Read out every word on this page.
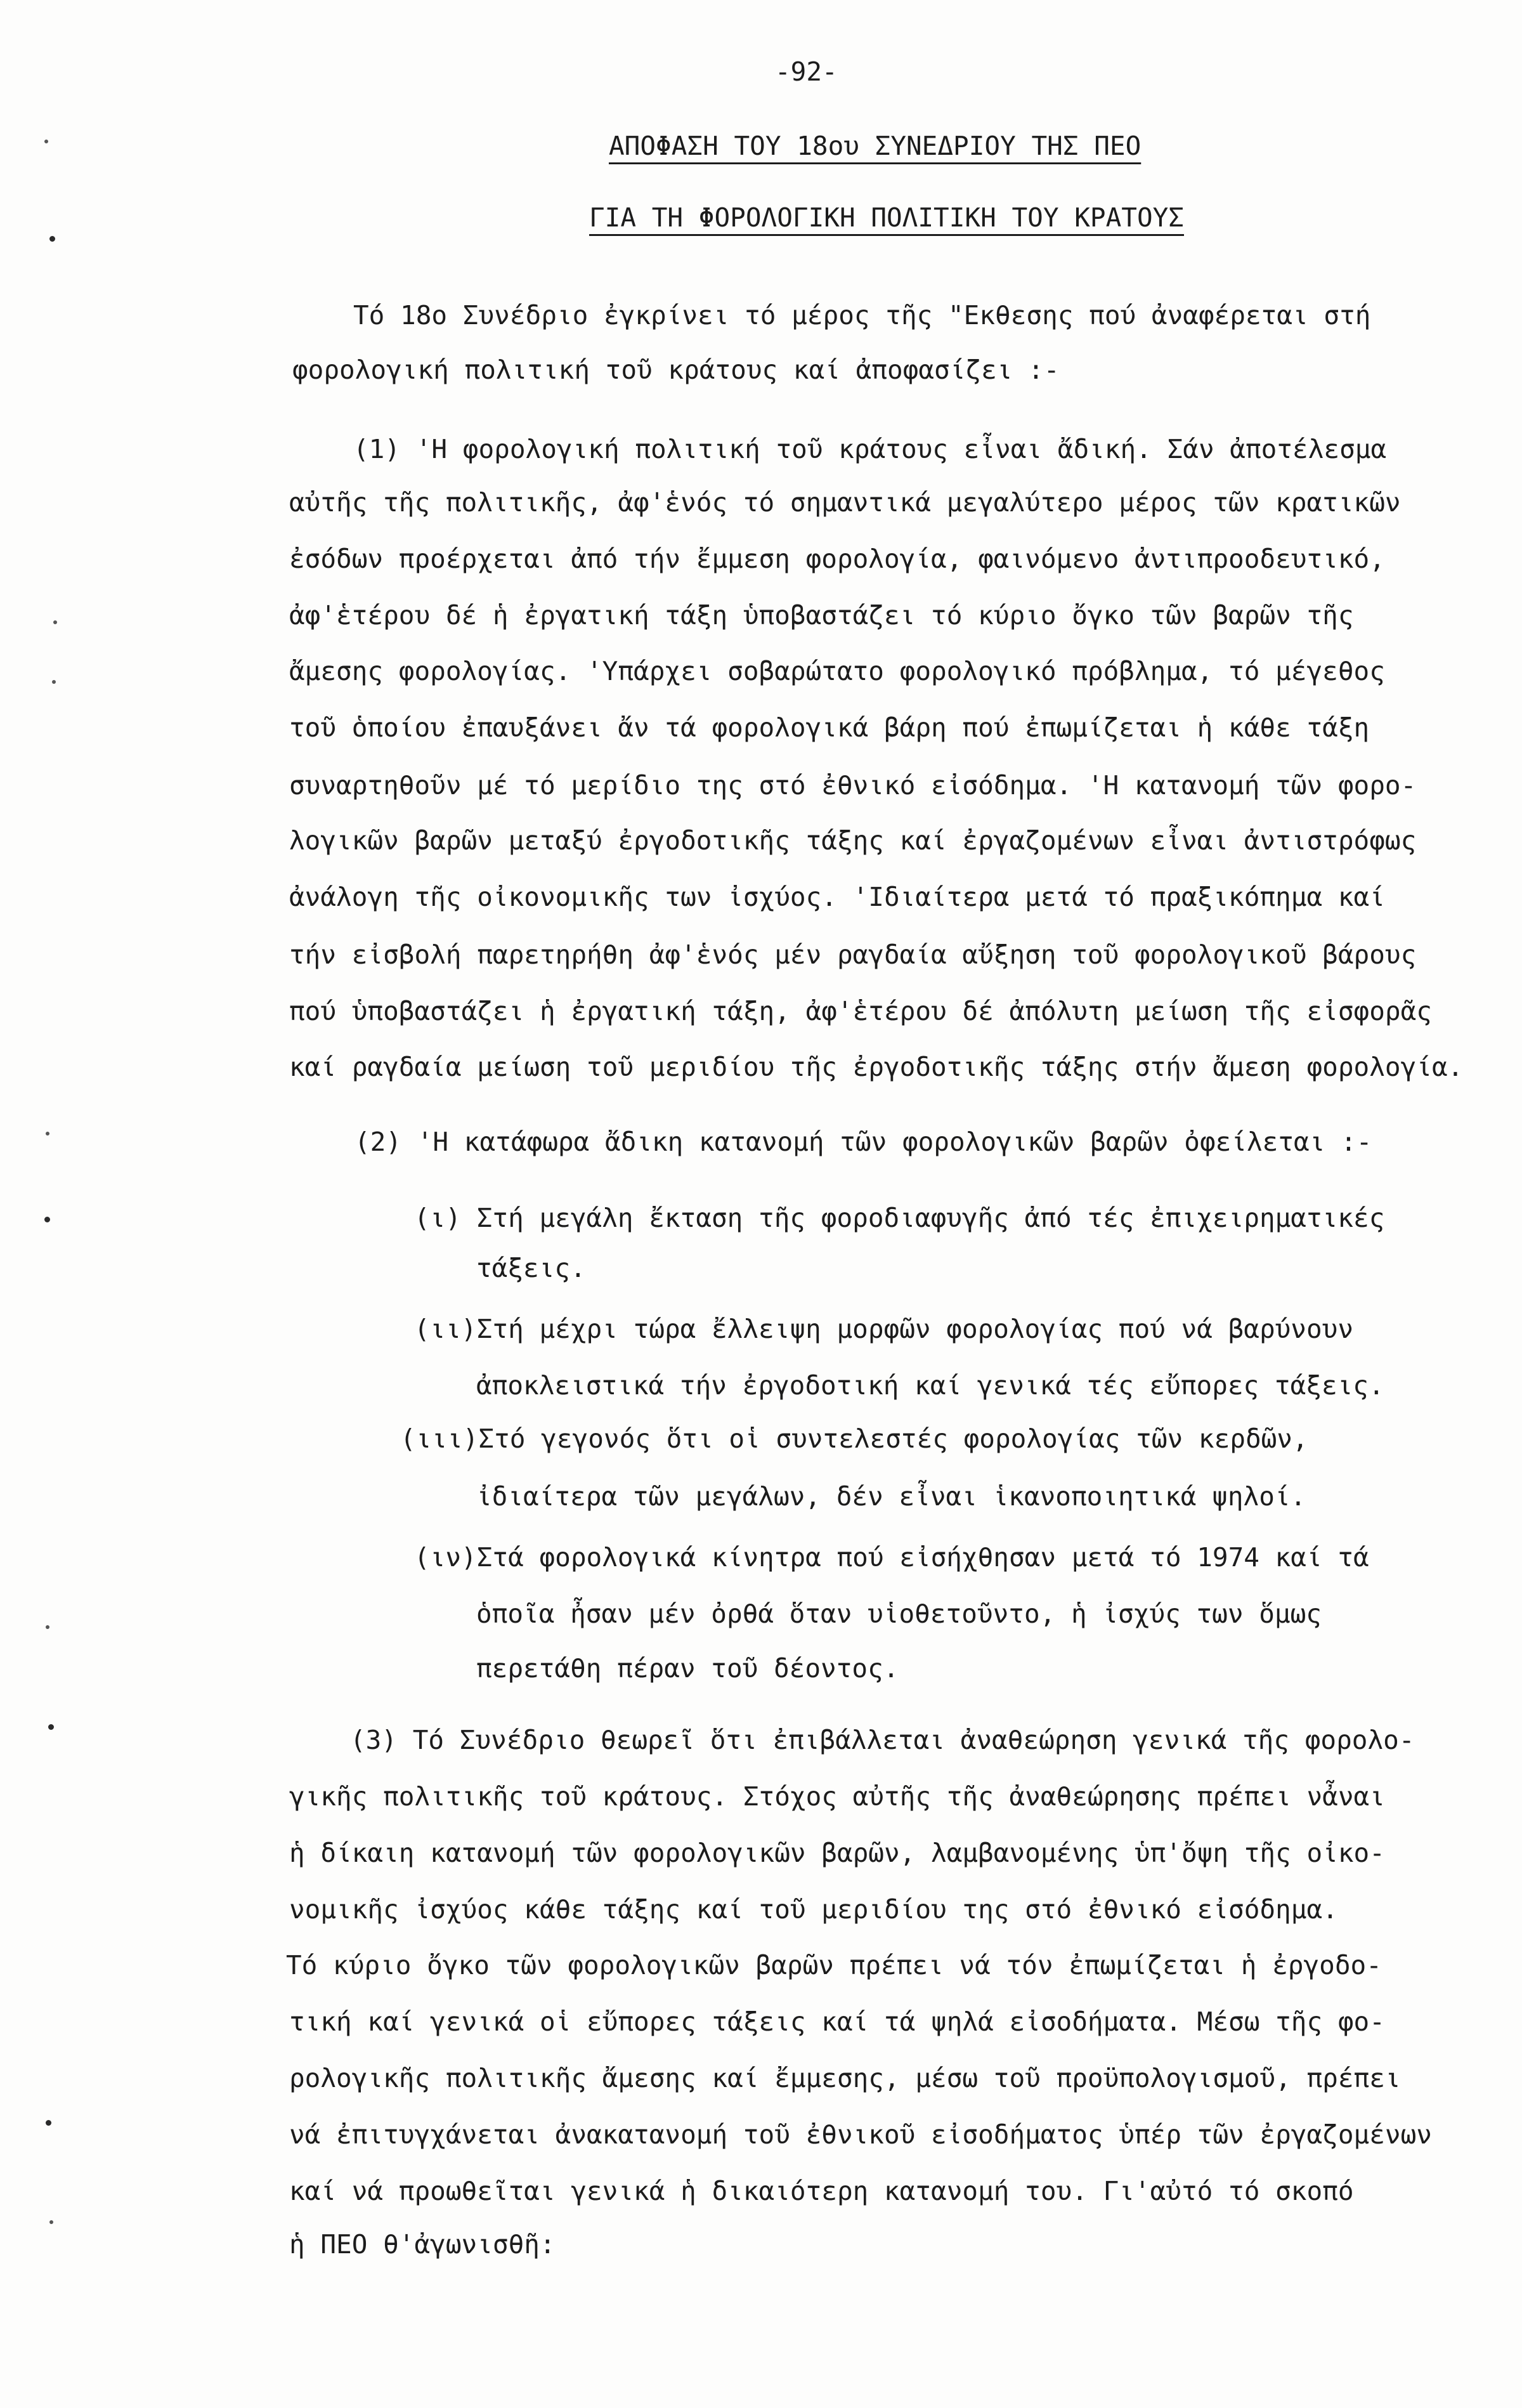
-92-
ΑΠΟΦΑΣΗ ΤΟΥ 18ου ΣΥΝΕΔΡΙΟΥ ΤΗΣ ΠΕΟ
ΓΙΑ ΤΗ ΦΟΡΟΛΟΓΙΚΗ ΠΟΛΙΤΙΚΗ ΤΟΥ ΚΡΑΤΟΥΣ
Τό 18ο Συνέδριο ἐγκρίνει τό μέρος τῆς "Εκθεσης πού ἀναφέρεται στή
φορολογική πολιτική τοῦ κράτους καί ἀποφασίζει :-
(1) 'Η φορολογική πολιτική τοῦ κράτους εἶναι ἄδική. Σάν ἀποτέλεσμα
αὐτῆς τῆς πολιτικῆς, ἀφ'ἑνός τό σημαντικά μεγαλύτερο μέρος τῶν κρατικῶν
ἐσόδων προέρχεται ἀπό τήν ἔμμεση φορολογία, φαινόμενο ἀντιπροοδευτικό,
ἀφ'ἑτέρου δέ ἡ ἐργατική τάξη ὑποβαστάζει τό κύριο ὄγκο τῶν βαρῶν τῆς
ἄμεσης φορολογίας. 'Υπάρχει σοβαρώτατο φορολογικό πρόβλημα, τό μέγεθος
τοῦ ὁποίου ἐπαυξάνει ἄν τά φορολογικά βάρη πού ἐπωμίζεται ἡ κάθε τάξη
συναρτηθοῦν μέ τό μερίδιο της στό ἐθνικό εἰσόδημα. 'Η κατανομή τῶν φορο-
λογικῶν βαρῶν μεταξύ ἐργοδοτικῆς τάξης καί ἐργαζομένων εἶναι ἀντιστρόφως
ἀνάλογη τῆς οἰκονομικῆς των ἰσχύος. 'Ιδιαίτερα μετά τό πραξικόπημα καί
τήν εἰσβολή παρετηρήθη ἀφ'ἑνός μέν ραγδαία αὔξηση τοῦ φορολογικοῦ βάρους
πού ὑποβαστάζει ἡ ἐργατική τάξη, ἀφ'ἑτέρου δέ ἀπόλυτη μείωση τῆς εἰσφορᾶς
καί ραγδαία μείωση τοῦ μεριδίου τῆς ἐργοδοτικῆς τάξης στήν ἄμεση φορολογία.
(2) 'Η κατάφωρα ἄδικη κατανομή τῶν φορολογικῶν βαρῶν ὀφείλεται :-
(ι) Στή μεγάλη ἔκταση τῆς φοροδιαφυγῆς ἀπό τές ἐπιχειρηματικές
τάξεις.
(ιι)Στή μέχρι τώρα ἔλλειψη μορφῶν φορολογίας πού νά βαρύνουν
ἀποκλειστικά τήν ἐργοδοτική καί γενικά τές εὔπορες τάξεις.
(ιιι)Στό γεγονός ὅτι οἱ συντελεστές φορολογίας τῶν κερδῶν,
ἰδιαίτερα τῶν μεγάλων, δέν εἶναι ἱκανοποιητικά ψηλοί.
(ιν)Στά φορολογικά κίνητρα πού εἰσήχθησαν μετά τό 1974 καί τά
ὁποῖα ἦσαν μέν ὀρθά ὅταν υἱοθετοῦντο, ἡ ἰσχύς των ὅμως
περετάθη πέραν τοῦ δέοντος.
(3) Τό Συνέδριο θεωρεῖ ὅτι ἐπιβάλλεται ἀναθεώρηση γενικά τῆς φορολο-
γικῆς πολιτικῆς τοῦ κράτους. Στόχος αὐτῆς τῆς ἀναθεώρησης πρέπει νἆναι
ἡ δίκαιη κατανομή τῶν φορολογικῶν βαρῶν, λαμβανομένης ὑπ'ὄψη τῆς οἰκο-
νομικῆς ἰσχύος κάθε τάξης καί τοῦ μεριδίου της στό ἐθνικό εἰσόδημα.
Τό κύριο ὄγκο τῶν φορολογικῶν βαρῶν πρέπει νά τόν ἐπωμίζεται ἡ ἐργοδο-
τική καί γενικά οἱ εὔπορες τάξεις καί τά ψηλά εἰσοδήματα. Μέσω τῆς φο-
ρολογικῆς πολιτικῆς ἄμεσης καί ἔμμεσης, μέσω τοῦ προϋπολογισμοῦ, πρέπει
νά ἐπιτυγχάνεται ἀνακατανομή τοῦ ἐθνικοῦ εἰσοδήματος ὑπέρ τῶν ἐργαζομένων
καί νά προωθεῖται γενικά ἡ δικαιότερη κατανομή του. Γι'αὐτό τό σκοπό
ἡ ΠΕΟ θ'ἀγωνισθῆ:
